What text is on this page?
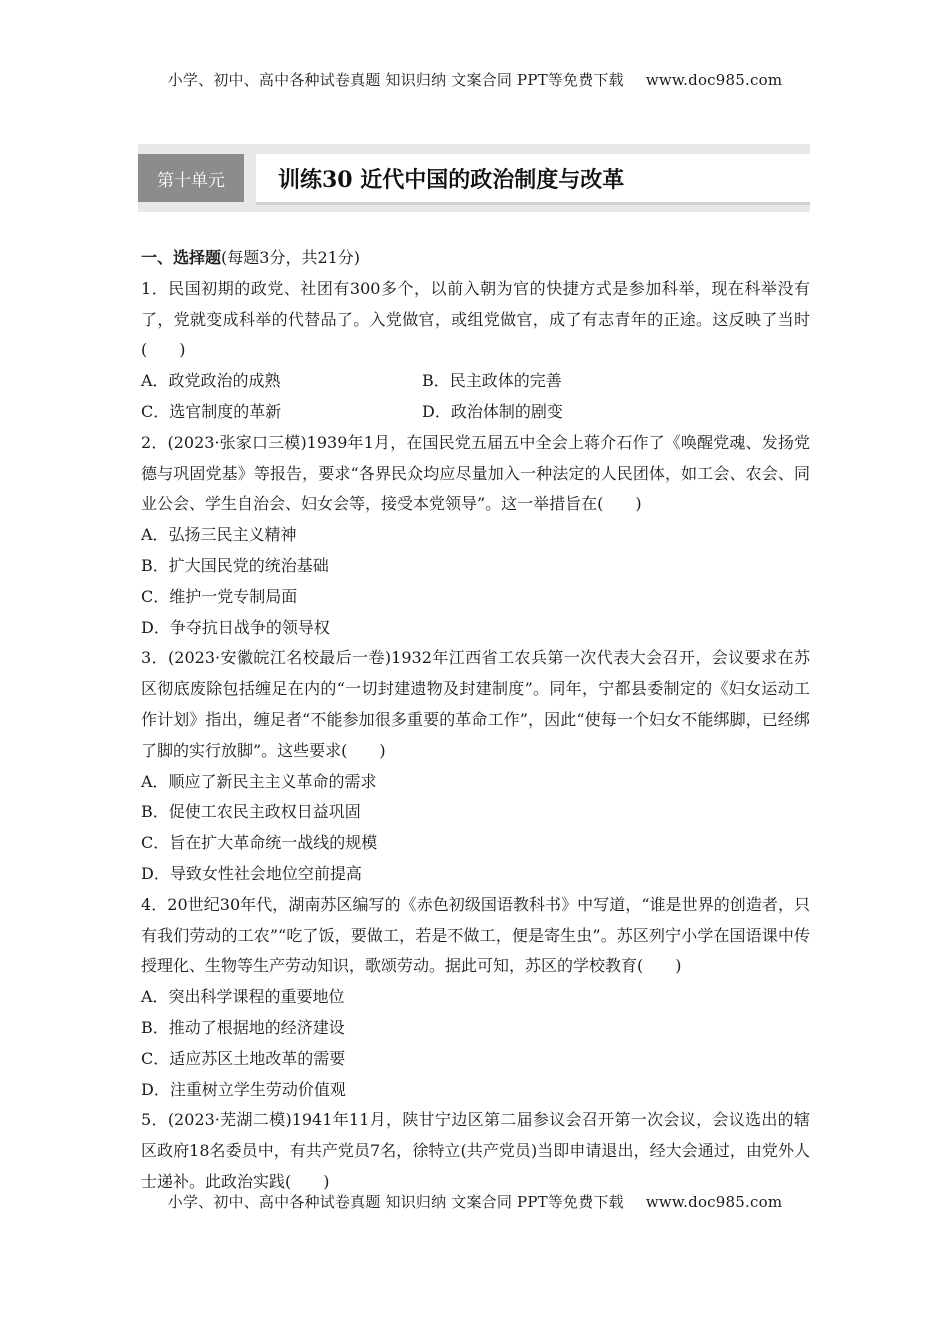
小学、初中、高中各种试卷真题 知识归纳 文案合同 PPT等免费下载 www.doc985.com
第十单元	训练30 近代中国的政治制度与改革

一、选择题(每题3分，共21分)

1．民国初期的政党、社团有300多个，以前入朝为官的快捷方式是参加科举，现在科举没有了，党就变成科举的代替品了。入党做官，或组党做官，成了有志青年的正途。这反映了当时(　　)

A．政党政治的成熟	B．民主政体的完善
C．选官制度的革新	D．政治体制的剧变

2．(2023·张家口三模)1939年1月，在国民党五届五中全会上蒋介石作了《唤醒党魂、发扬党德与巩固党基》等报告，要求“各界民众均应尽量加入一种法定的人民团体，如工会、农会、同业公会、学生自治会、妇女会等，接受本党领导”。这一举措旨在(　　)

A．弘扬三民主义精神

B．扩大国民党的统治基础

C．维护一党专制局面

D．争夺抗日战争的领导权

3．(2023·安徽皖江名校最后一卷)1932年江西省工农兵第一次代表大会召开，会议要求在苏区彻底废除包括缠足在内的“一切封建遗物及封建制度”。同年，宁都县委制定的《妇女运动工作计划》指出，缠足者“不能参加很多重要的革命工作”，因此“使每一个妇女不能绑脚，已经绑了脚的实行放脚”。这些要求(　　)

A．顺应了新民主主义革命的需求

B．促使工农民主政权日益巩固

C．旨在扩大革命统一战线的规模

D．导致女性社会地位空前提高

4．20世纪30年代，湖南苏区编写的《赤色初级国语教科书》中写道，“谁是世界的创造者，只有我们劳动的工农”“吃了饭，要做工，若是不做工，便是寄生虫”。苏区列宁小学在国语课中传授理化、生物等生产劳动知识，歌颂劳动。据此可知，苏区的学校教育(　　)

A．突出科学课程的重要地位

B．推动了根据地的经济建设

C．适应苏区土地改革的需要

D．注重树立学生劳动价值观

5．(2023·芜湖二模)1941年11月，陕甘宁边区第二届参议会召开第一次会议，会议选出的辖区政府18名委员中，有共产党员7名，徐特立(共产党员)当即申请退出，经大会通过，由党外人士递补。此政治实践(　　)

小学、初中、高中各种试卷真题 知识归纳 文案合同 PPT等免费下载 www.doc985.com
